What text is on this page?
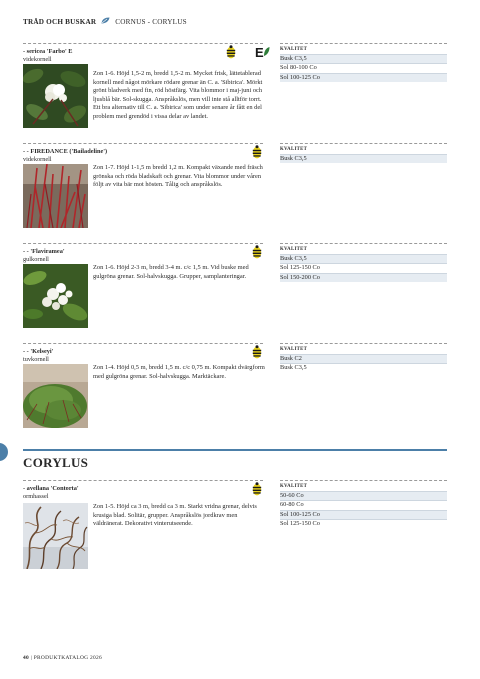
TRÄD OCH BUSKAR	CORNUS - CORYLUS
- sericea 'Farbo' E
videkornell	E
Zon 1-6. Höjd 1,5-2 m, bredd 1,5-2 m. Mycket frisk, lättetablerad kornell med något mörkare rödare grenar än C. a. 'Sibirica'. Mörkt grönt bladverk med fin, röd höstfärg. Vita blommor i maj-juni och ljusblå bär. Sol-skugga. Anspråkslös, men vill inte stå alltför torrt. Ett bra alternativ till C. a. 'Sibirica' som under senare år fått en del problem med grendöd i vissa delar av landet.
KVALITET
Busk C3,5
Sol 80-100 Co
Sol 100-125 Co
- - FIREDANCE ('Bailadeline')
videkornell
Zon 1-7. Höjd 1-1,5 m bredd 1,2 m. Kompakt växande med fräsch grönska och röda bladskaft och grenar. Vita blommor under våren följt av vita bär mot hösten. Tålig och anspråkslös.
KVALITET
Busk C3,5
- - 'Flaviramea'
gulkornell
Zon 1-6. Höjd 2-3 m, bredd 3-4 m. c/c 1,5 m. Vid buske med gulgröna grenar. Sol-halvskugga. Grupper, samplanteringar.
KVALITET
Busk C3,5
Sol 125-150 Co
Sol 150-200 Co
- - 'Kelseyi'
tuvkornell
Zon 1-4. Höjd 0,5 m, bredd 1,5 m. c/c 0,75 m. Kompakt dvärgform med gulgröna grenar. Sol-halvskugga. Marktäckare.
KVALITET
Busk C2
Busk C3,5
CORYLUS
- avellana 'Contorta'
ormhassel
Zon 1-5. Höjd ca 3 m, bredd ca 3 m. Starkt vridna grenar, delvis krusiga blad. Solitär, grupper. Anspråkslös jordkrav men väldränerat. Dekorativt vinterutseende.
KVALITET
50-60 Co
60-80 Co
Sol 100-125 Co
Sol 125-150 Co
40 | PRODUKTKATALOG 2026
